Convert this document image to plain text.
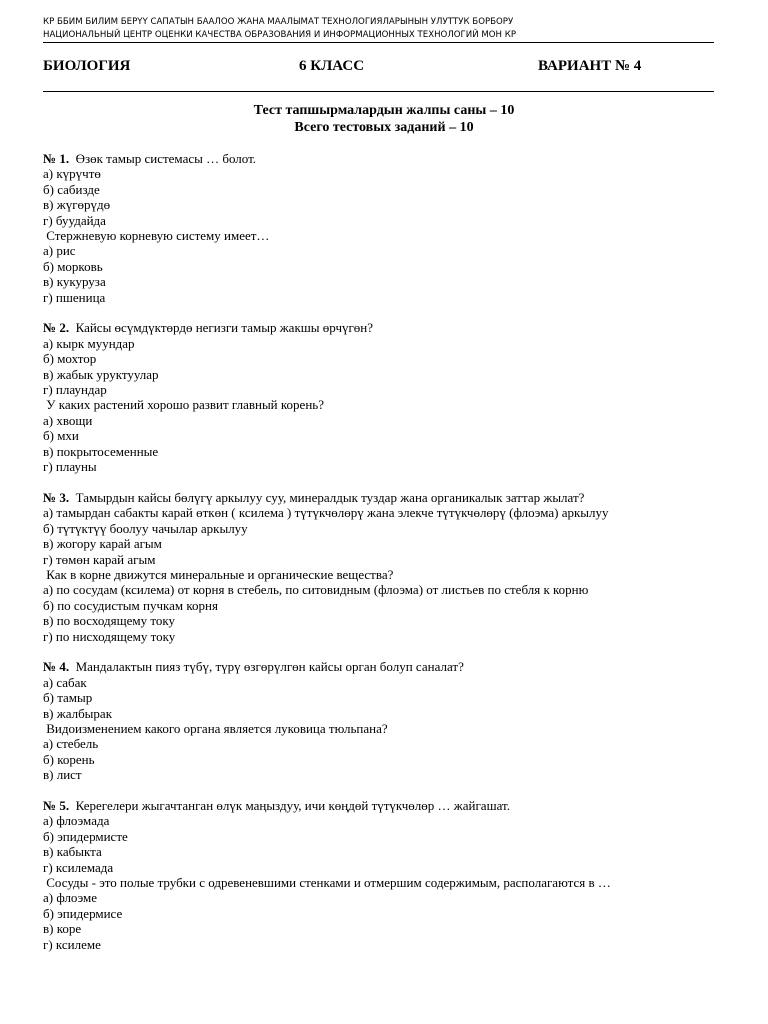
КР ББИМ БИЛИМ БЕРҮҮ САПАТЫН БААЛОО ЖАНА МААЛЫМАТ ТЕХНОЛОГИЯЛАРЫНЫН УЛУТТУК БОРБОРУ
НАЦИОНАЛЬНЫЙ ЦЕНТР ОЦЕНКИ КАЧЕСТВА ОБРАЗОВАНИЯ И ИНФОРМАЦИОННЫХ ТЕХНОЛОГИЙ МОН КР
БИОЛОГИЯ	6 КЛАСС	ВАРИАНТ № 4
Тест тапшырмалардын жалпы саны – 10
Всего тестовых заданий – 10
№ 1. Өзөк тамыр системасы … болот.
а) күрүчтө
б) сабизде
в) жүгөрүдө
г) буудайда
Стержневую корневую систему имеет…
а) рис
б) морковь
в) кукуруза
г) пшеница
№ 2. Кайсы өсүмдүктөрдө негизги тамыр жакшы өрчүгөн?
а) кырк муундар
б) мохтор
в) жабык уруктуулар
г) плаундар
У каких растений хорошо развит главный корень?
а) хвощи
б) мхи
в) покрытосеменные
г) плауны
№ 3. Тамырдын кайсы бөлүгү аркылуу суу, минералдык туздар жана органикалык заттар жылат?
а) тамырдан сабакты карай өткөн ( ксилема ) түтүкчөлөрү жана элекче түтүкчөлөрү (флоэма) аркылуу
б) түтүктүү боолуу чачылар аркылуу
в) жогору карай агым
г) төмөн карай агым
Как в корне движутся минеральные и органические вещества?
а) по сосудам (ксилема) от корня в стебель, по ситовидным (флоэма) от листьев по стебля к корню
б) по сосудистым пучкам корня
в) по восходящему току
г) по нисходящему току
№ 4. Мандалактын пияз түбү, түрү өзгөрүлгөн кайсы орган болуп саналат?
а) сабак
б) тамыр
в) жалбырак
Видоизменением какого органа является луковица тюльпана?
а) стебель
б) корень
в) лист
№ 5. Керегелери жыгачтанган өлүк маңыздуу, ичи көңдөй түтүкчөлөр … жайгашат.
а) флоэмада
б) эпидермисте
в) кабыкта
г) ксилемада
Сосуды - это полые трубки с одревеневшими стенками и отмершим содержимым, располагаются в …
а) флоэме
б) эпидермисе
в) коре
г) ксилеме
